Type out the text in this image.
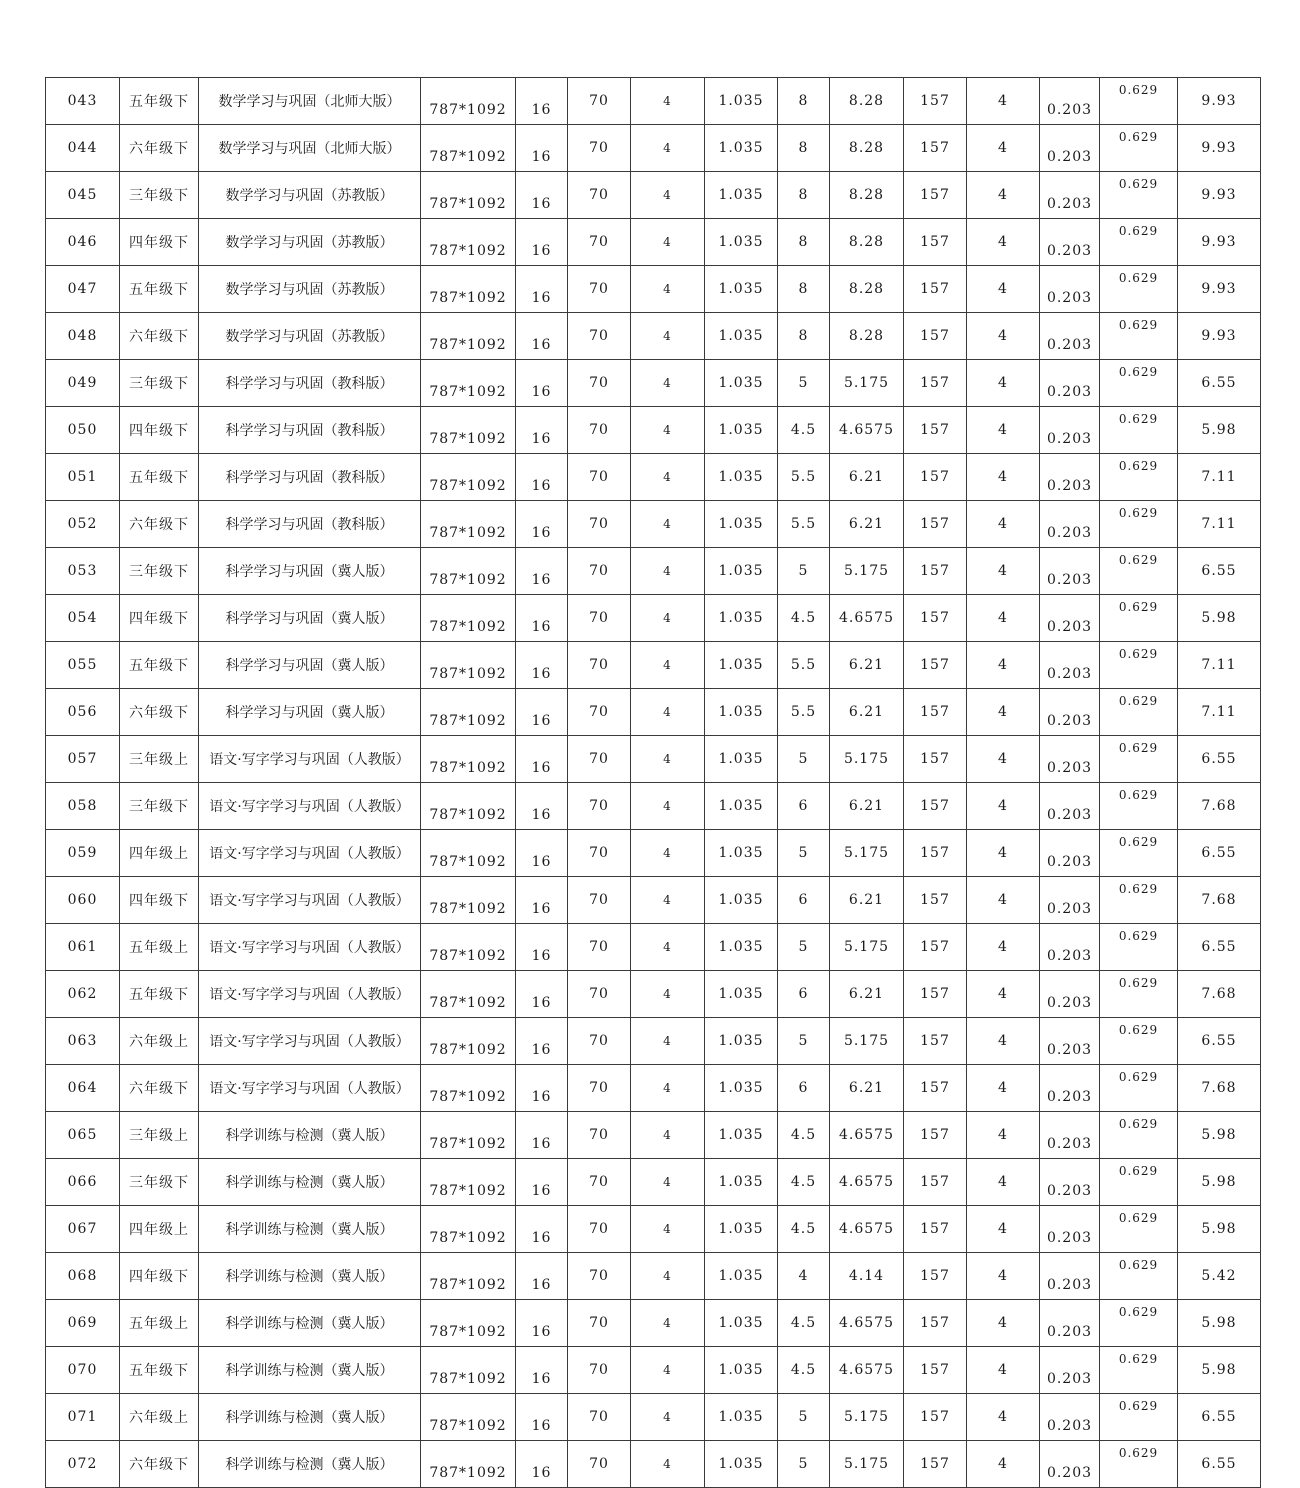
043	五年级下	数学学习与巩固（北师大版）	787*1092	16	70	4	1.035	8	8.28	157	4	0.203	0.629	9.93
044	六年级下	数学学习与巩固（北师大版）	787*1092	16	70	4	1.035	8	8.28	157	4	0.203	0.629	9.93
045	三年级下	数学学习与巩固（苏教版）	787*1092	16	70	4	1.035	8	8.28	157	4	0.203	0.629	9.93
046	四年级下	数学学习与巩固（苏教版）	787*1092	16	70	4	1.035	8	8.28	157	4	0.203	0.629	9.93
047	五年级下	数学学习与巩固（苏教版）	787*1092	16	70	4	1.035	8	8.28	157	4	0.203	0.629	9.93
048	六年级下	数学学习与巩固（苏教版）	787*1092	16	70	4	1.035	8	8.28	157	4	0.203	0.629	9.93
049	三年级下	科学学习与巩固（教科版）	787*1092	16	70	4	1.035	5	5.175	157	4	0.203	0.629	6.55
050	四年级下	科学学习与巩固（教科版）	787*1092	16	70	4	1.035	4.5	4.6575	157	4	0.203	0.629	5.98
051	五年级下	科学学习与巩固（教科版）	787*1092	16	70	4	1.035	5.5	6.21	157	4	0.203	0.629	7.11
052	六年级下	科学学习与巩固（教科版）	787*1092	16	70	4	1.035	5.5	6.21	157	4	0.203	0.629	7.11
053	三年级下	科学学习与巩固（冀人版）	787*1092	16	70	4	1.035	5	5.175	157	4	0.203	0.629	6.55
054	四年级下	科学学习与巩固（冀人版）	787*1092	16	70	4	1.035	4.5	4.6575	157	4	0.203	0.629	5.98
055	五年级下	科学学习与巩固（冀人版）	787*1092	16	70	4	1.035	5.5	6.21	157	4	0.203	0.629	7.11
056	六年级下	科学学习与巩固（冀人版）	787*1092	16	70	4	1.035	5.5	6.21	157	4	0.203	0.629	7.11
057	三年级上	语文·写字学习与巩固（人教版）	787*1092	16	70	4	1.035	5	5.175	157	4	0.203	0.629	6.55
058	三年级下	语文·写字学习与巩固（人教版）	787*1092	16	70	4	1.035	6	6.21	157	4	0.203	0.629	7.68
059	四年级上	语文·写字学习与巩固（人教版）	787*1092	16	70	4	1.035	5	5.175	157	4	0.203	0.629	6.55
060	四年级下	语文·写字学习与巩固（人教版）	787*1092	16	70	4	1.035	6	6.21	157	4	0.203	0.629	7.68
061	五年级上	语文·写字学习与巩固（人教版）	787*1092	16	70	4	1.035	5	5.175	157	4	0.203	0.629	6.55
062	五年级下	语文·写字学习与巩固（人教版）	787*1092	16	70	4	1.035	6	6.21	157	4	0.203	0.629	7.68
063	六年级上	语文·写字学习与巩固（人教版）	787*1092	16	70	4	1.035	5	5.175	157	4	0.203	0.629	6.55
064	六年级下	语文·写字学习与巩固（人教版）	787*1092	16	70	4	1.035	6	6.21	157	4	0.203	0.629	7.68
065	三年级上	科学训练与检测（冀人版）	787*1092	16	70	4	1.035	4.5	4.6575	157	4	0.203	0.629	5.98
066	三年级下	科学训练与检测（冀人版）	787*1092	16	70	4	1.035	4.5	4.6575	157	4	0.203	0.629	5.98
067	四年级上	科学训练与检测（冀人版）	787*1092	16	70	4	1.035	4.5	4.6575	157	4	0.203	0.629	5.98
068	四年级下	科学训练与检测（冀人版）	787*1092	16	70	4	1.035	4	4.14	157	4	0.203	0.629	5.42
069	五年级上	科学训练与检测（冀人版）	787*1092	16	70	4	1.035	4.5	4.6575	157	4	0.203	0.629	5.98
070	五年级下	科学训练与检测（冀人版）	787*1092	16	70	4	1.035	4.5	4.6575	157	4	0.203	0.629	5.98
071	六年级上	科学训练与检测（冀人版）	787*1092	16	70	4	1.035	5	5.175	157	4	0.203	0.629	6.55
072	六年级下	科学训练与检测（冀人版）	787*1092	16	70	4	1.035	5	5.175	157	4	0.203	0.629	6.55
